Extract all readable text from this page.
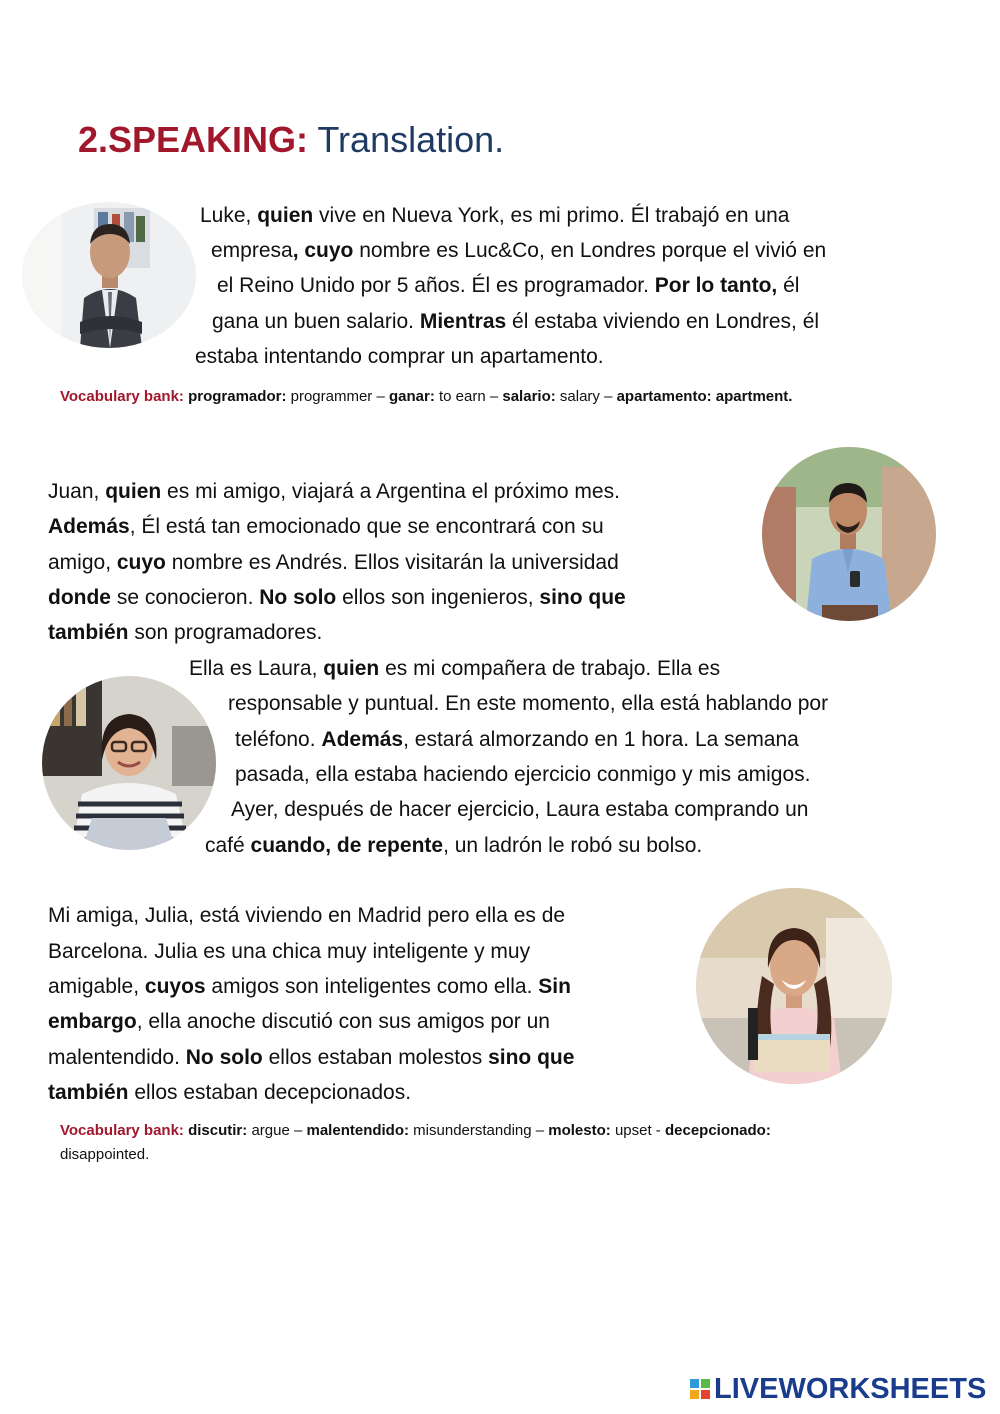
2.SPEAKING: Translation.
Luke, quien vive en Nueva York, es mi primo. Él trabajó en una
empresa, cuyo nombre es Luc&Co, en Londres porque el vivió en
el Reino Unido por 5 años. Él es programador. Por lo tanto, él
gana un buen salario. Mientras él estaba viviendo en Londres, él
estaba intentando comprar un apartamento.
Vocabulary bank: programador: programmer – ganar: to earn – salario: salary – apartamento: apartment.
Juan, quien es mi amigo, viajará a Argentina el próximo mes.
Además, Él está tan emocionado que se encontrará con su
amigo, cuyo nombre es Andrés. Ellos visitarán la universidad
donde se conocieron. No solo ellos son ingenieros, sino que
también son programadores.
Ella es Laura, quien es mi compañera de trabajo. Ella es
responsable y puntual. En este momento, ella está hablando por
teléfono. Además, estará almorzando en 1 hora. La semana
pasada, ella estaba haciendo ejercicio conmigo y mis amigos.
Ayer, después de hacer ejercicio, Laura estaba comprando un
café cuando, de repente, un ladrón le robó su bolso.
Mi amiga, Julia, está viviendo en Madrid pero ella es de
Barcelona. Julia es una chica muy inteligente y muy
amigable, cuyos amigos son inteligentes como ella. Sin
embargo, ella anoche discutió con sus amigos por un
malentendido. No solo ellos estaban molestos sino que
también ellos estaban decepcionados.
Vocabulary bank: discutir: argue – malentendido: misunderstanding – molesto: upset - decepcionado:
disappointed.
LIVEWORKSHEETS
